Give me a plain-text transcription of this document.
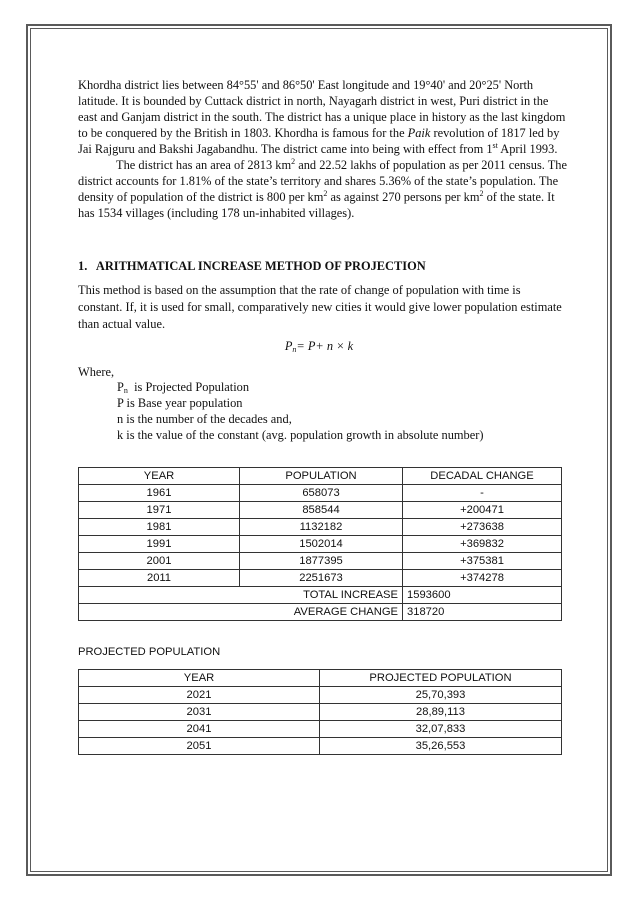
Khordha district lies between 84°55' and 86°50' East longitude and 19°40' and 20°25' North latitude. It is bounded by Cuttack district in north, Nayagarh district in west, Puri district in the east and Ganjam district in the south. The district has a unique place in history as the last kingdom to be conquered by the British in 1803. Khordha is famous for the Paik revolution of 1817 led by Jai Rajguru and Bakshi Jagabandhu. The district came into being with effect from 1st April 1993.

The district has an area of 2813 $km^2$ and 22.52 lakhs of population as per 2011 census. The district accounts for 1.81% of the state’s territory and shares 5.36% of the state’s population. The density of population of the district is 800 per $km^2$ as against 270 persons per $km^2$ of the state. It has 1534 villages (including 178 un-inhabited villages).

1.   ARITHMATICAL INCREASE METHOD OF PROJECTION

This method is based on the assumption that the rate of change of population with time is constant. If, it is used for small, comparatively new cities it would give lower population estimate than actual value.

$P_n= P+ n \times k$
Where,
$P_n$  is Projected Population
P is Base year population
n is the number of the decades and,
k is the value of the constant (avg. population growth in absolute number)
YEAR	POPULATION	DECADAL CHANGE
1961	658073	-
1971	858544	+200471
1981	1132182	+273638
1991	1502014	+369832
2001	1877395	+375381
2011	2251673	+374278
TOTAL INCREASE		1593600
AVERAGE CHANGE		318720
PROJECTED POPULATION
YEAR	PROJECTED POPULATION
2021	25,70,393
2031	28,89,113
2041	32,07,833
2051	35,26,553
